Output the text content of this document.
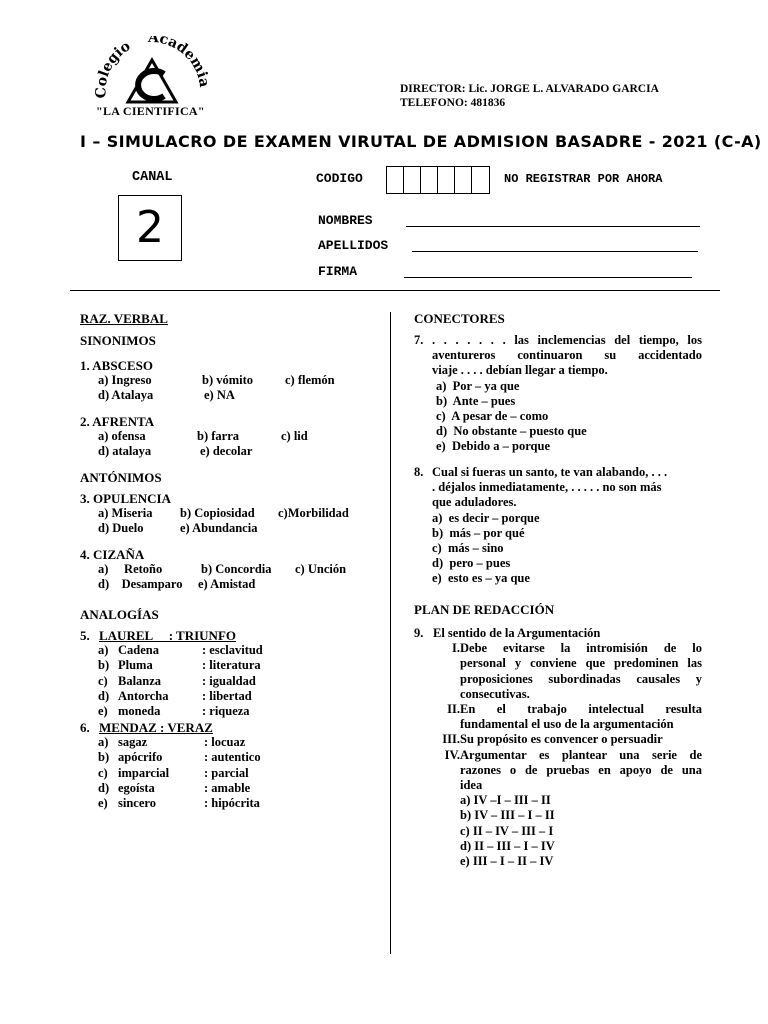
Colegio
Academia
"LA CIENTIFICA"
DIRECTOR: Lic. JORGE L. ALVARADO GARCIA
TELEFONO: 481836
I – SIMULACRO DE EXAMEN VIRUTAL DE ADMISION BASADRE - 2021 (C-A)
CANAL
2
CODIGO	NO REGISTRAR POR AHORA
NOMBRES
APELLIDOS
FIRMA
RAZ. VERBAL
SINONIMOS
1. ABSCESO
a) Ingreso	b) vómito	c) flemón
d) Atalaya	e) NA
2. AFRENTA
a) ofensa	b) farra	c) lid
d) atalaya	e) decolar
ANTÓNIMOS
3. OPULENCIA
a) Miseria	b) Copiosidad	c)Morbilidad
d) Duelo	e) Abundancia
4. CIZAÑA
a)     Retoño	b) Concordia	c) Unción
d)    Desamparo	e) Amistad
ANALOGÍAS
5. LAUREL     : TRIUNFO
a) Cadena	: esclavitud
b) Pluma	: literatura
c) Balanza	: igualdad
d) Antorcha	: libertad
e) moneda	: riqueza
6. MENDAZ : VERAZ
a) sagaz	: locuaz
b) apócrifo	: autentico
c) imparcial	: parcial
d) egoísta	: amable
e) sincero	: hipócrita
CONECTORES
7. . . . . . . . las inclemencias del tiempo, los
aventureros continuaron su accidentado
viaje . . . . debían llegar a tiempo.
a)  Por – ya que
b)  Ante – pues
c)  A pesar de – como
d)  No obstante – puesto que
e)  Debido a – porque
8. Cual si fueras un santo, te van alabando, . . .
. déjalos inmediatamente, . . . . . no son más
que aduladores.
a)  es decir – porque
b)  más – por qué
c)  más – sino
d)  pero – pues
e)  esto es – ya que
PLAN DE REDACCIÓN
9. El sentido de la Argumentación
I. Debe evitarse la intromisión de lo
personal y conviene que predominen las
proposiciones subordinadas causales y
consecutivas.
II. En el trabajo intelectual resulta
fundamental el uso de la argumentación
III. Su propósito es convencer o persuadir
IV. Argumentar es plantear una serie de
razones o de pruebas en apoyo de una
idea
a) IV –I – III – II
b) IV – III – I – II
c) II – IV – III – I
d) II – III – I – IV
e) III – I – II – IV
